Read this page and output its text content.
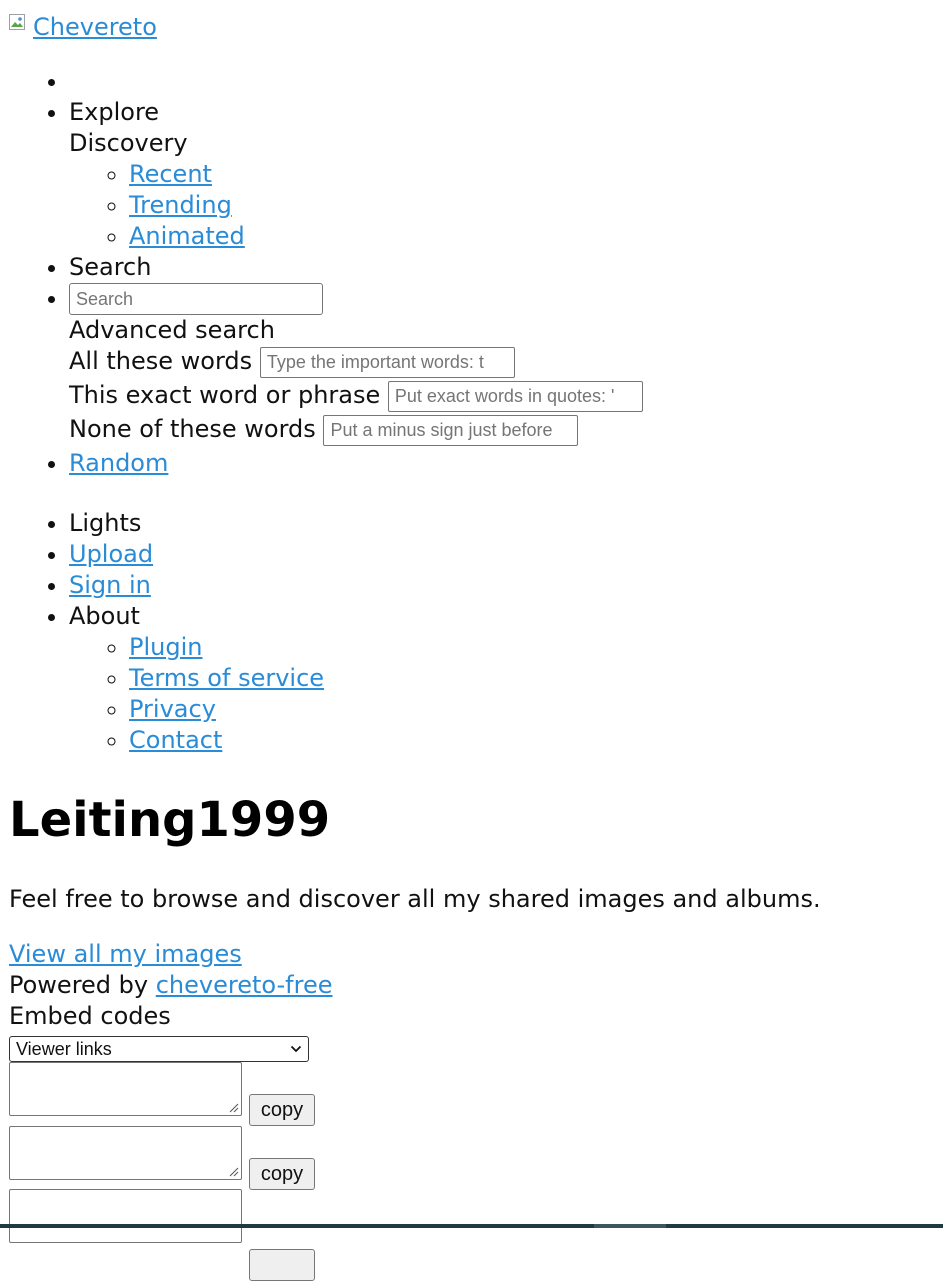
Chevereto
•
• Explore
Discovery
◦ Recent
◦ Trending
◦ Animated
• Search
Search

• Advanced search
All these words Type the important words: t
This exact word or phrase Put exact words in quotes: '
None of these words Put a minus sign just before
• Random
• Lights
• Upload
• Sign in
• About
◦ Plugin
◦ Terms of service
◦ Privacy
◦ Contact
Leiting1999

Feel free to browse and discover all my shared images and albums.

View all my images
Powered by chevereto-free
Embed codes
Viewer links
copy
copy
